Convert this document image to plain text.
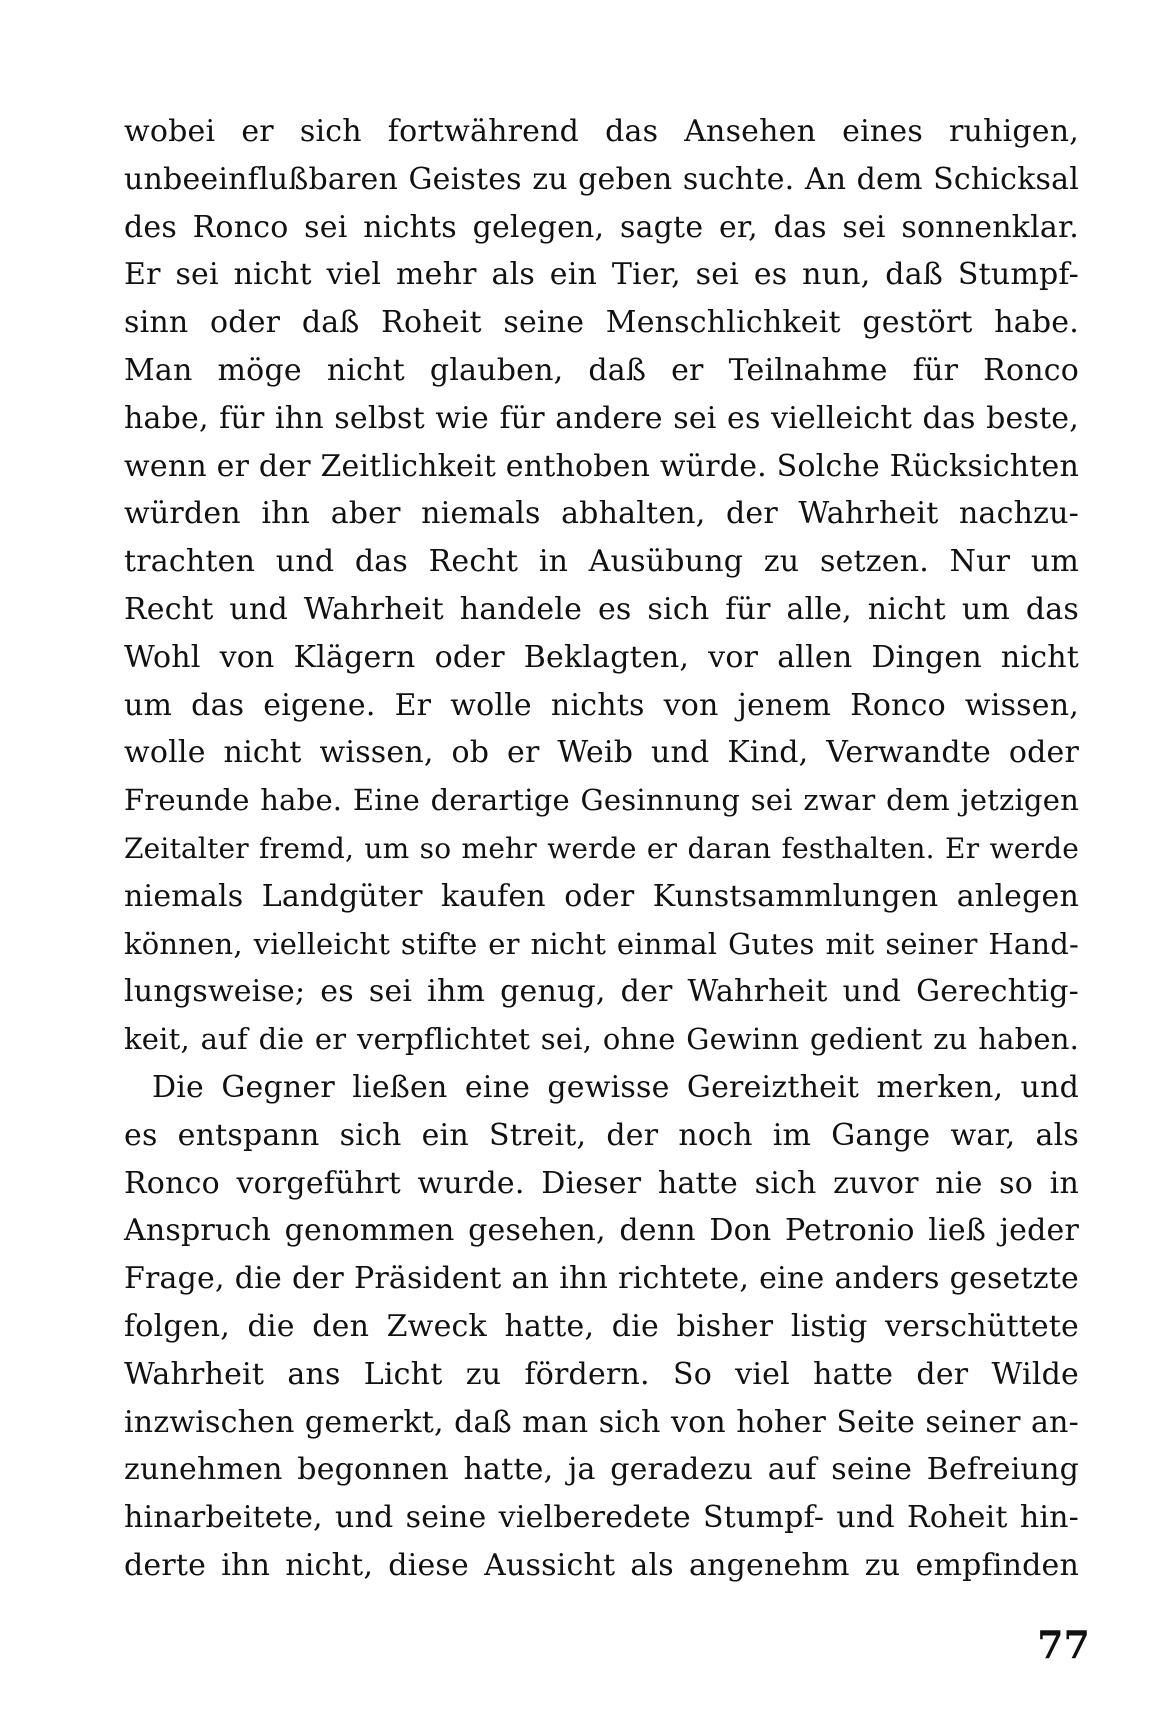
wobei er sich fortwährend das Ansehen eines ruhigen,
unbeeinflußbaren Geistes zu geben suchte. An dem Schicksal
des Ronco sei nichts gelegen, sagte er, das sei sonnenklar.
Er sei nicht viel mehr als ein Tier, sei es nun, daß Stumpf-
sinn oder daß Roheit seine Menschlichkeit gestört habe.
Man möge nicht glauben, daß er Teilnahme für Ronco
habe, für ihn selbst wie für andere sei es vielleicht das beste,
wenn er der Zeitlichkeit enthoben würde. Solche Rücksichten
würden ihn aber niemals abhalten, der Wahrheit nachzu-
trachten und das Recht in Ausübung zu setzen. Nur um
Recht und Wahrheit handele es sich für alle, nicht um das
Wohl von Klägern oder Beklagten, vor allen Dingen nicht
um das eigene. Er wolle nichts von jenem Ronco wissen,
wolle nicht wissen, ob er Weib und Kind, Verwandte oder
Freunde habe. Eine derartige Gesinnung sei zwar dem jetzigen
Zeitalter fremd, um so mehr werde er daran festhalten. Er werde
niemals Landgüter kaufen oder Kunstsammlungen anlegen
können, vielleicht stifte er nicht einmal Gutes mit seiner Hand-
lungsweise; es sei ihm genug, der Wahrheit und Gerechtig-
keit, auf die er verpflichtet sei, ohne Gewinn gedient zu haben.
Die Gegner ließen eine gewisse Gereiztheit merken, und
es entspann sich ein Streit, der noch im Gange war, als
Ronco vorgeführt wurde. Dieser hatte sich zuvor nie so in
Anspruch genommen gesehen, denn Don Petronio ließ jeder
Frage, die der Präsident an ihn richtete, eine anders gesetzte
folgen, die den Zweck hatte, die bisher listig verschüttete
Wahrheit ans Licht zu fördern. So viel hatte der Wilde
inzwischen gemerkt, daß man sich von hoher Seite seiner an-
zunehmen begonnen hatte, ja geradezu auf seine Befreiung
hinarbeitete, und seine vielberedete Stumpf- und Roheit hin-
derte ihn nicht, diese Aussicht als angenehm zu empfinden
77
